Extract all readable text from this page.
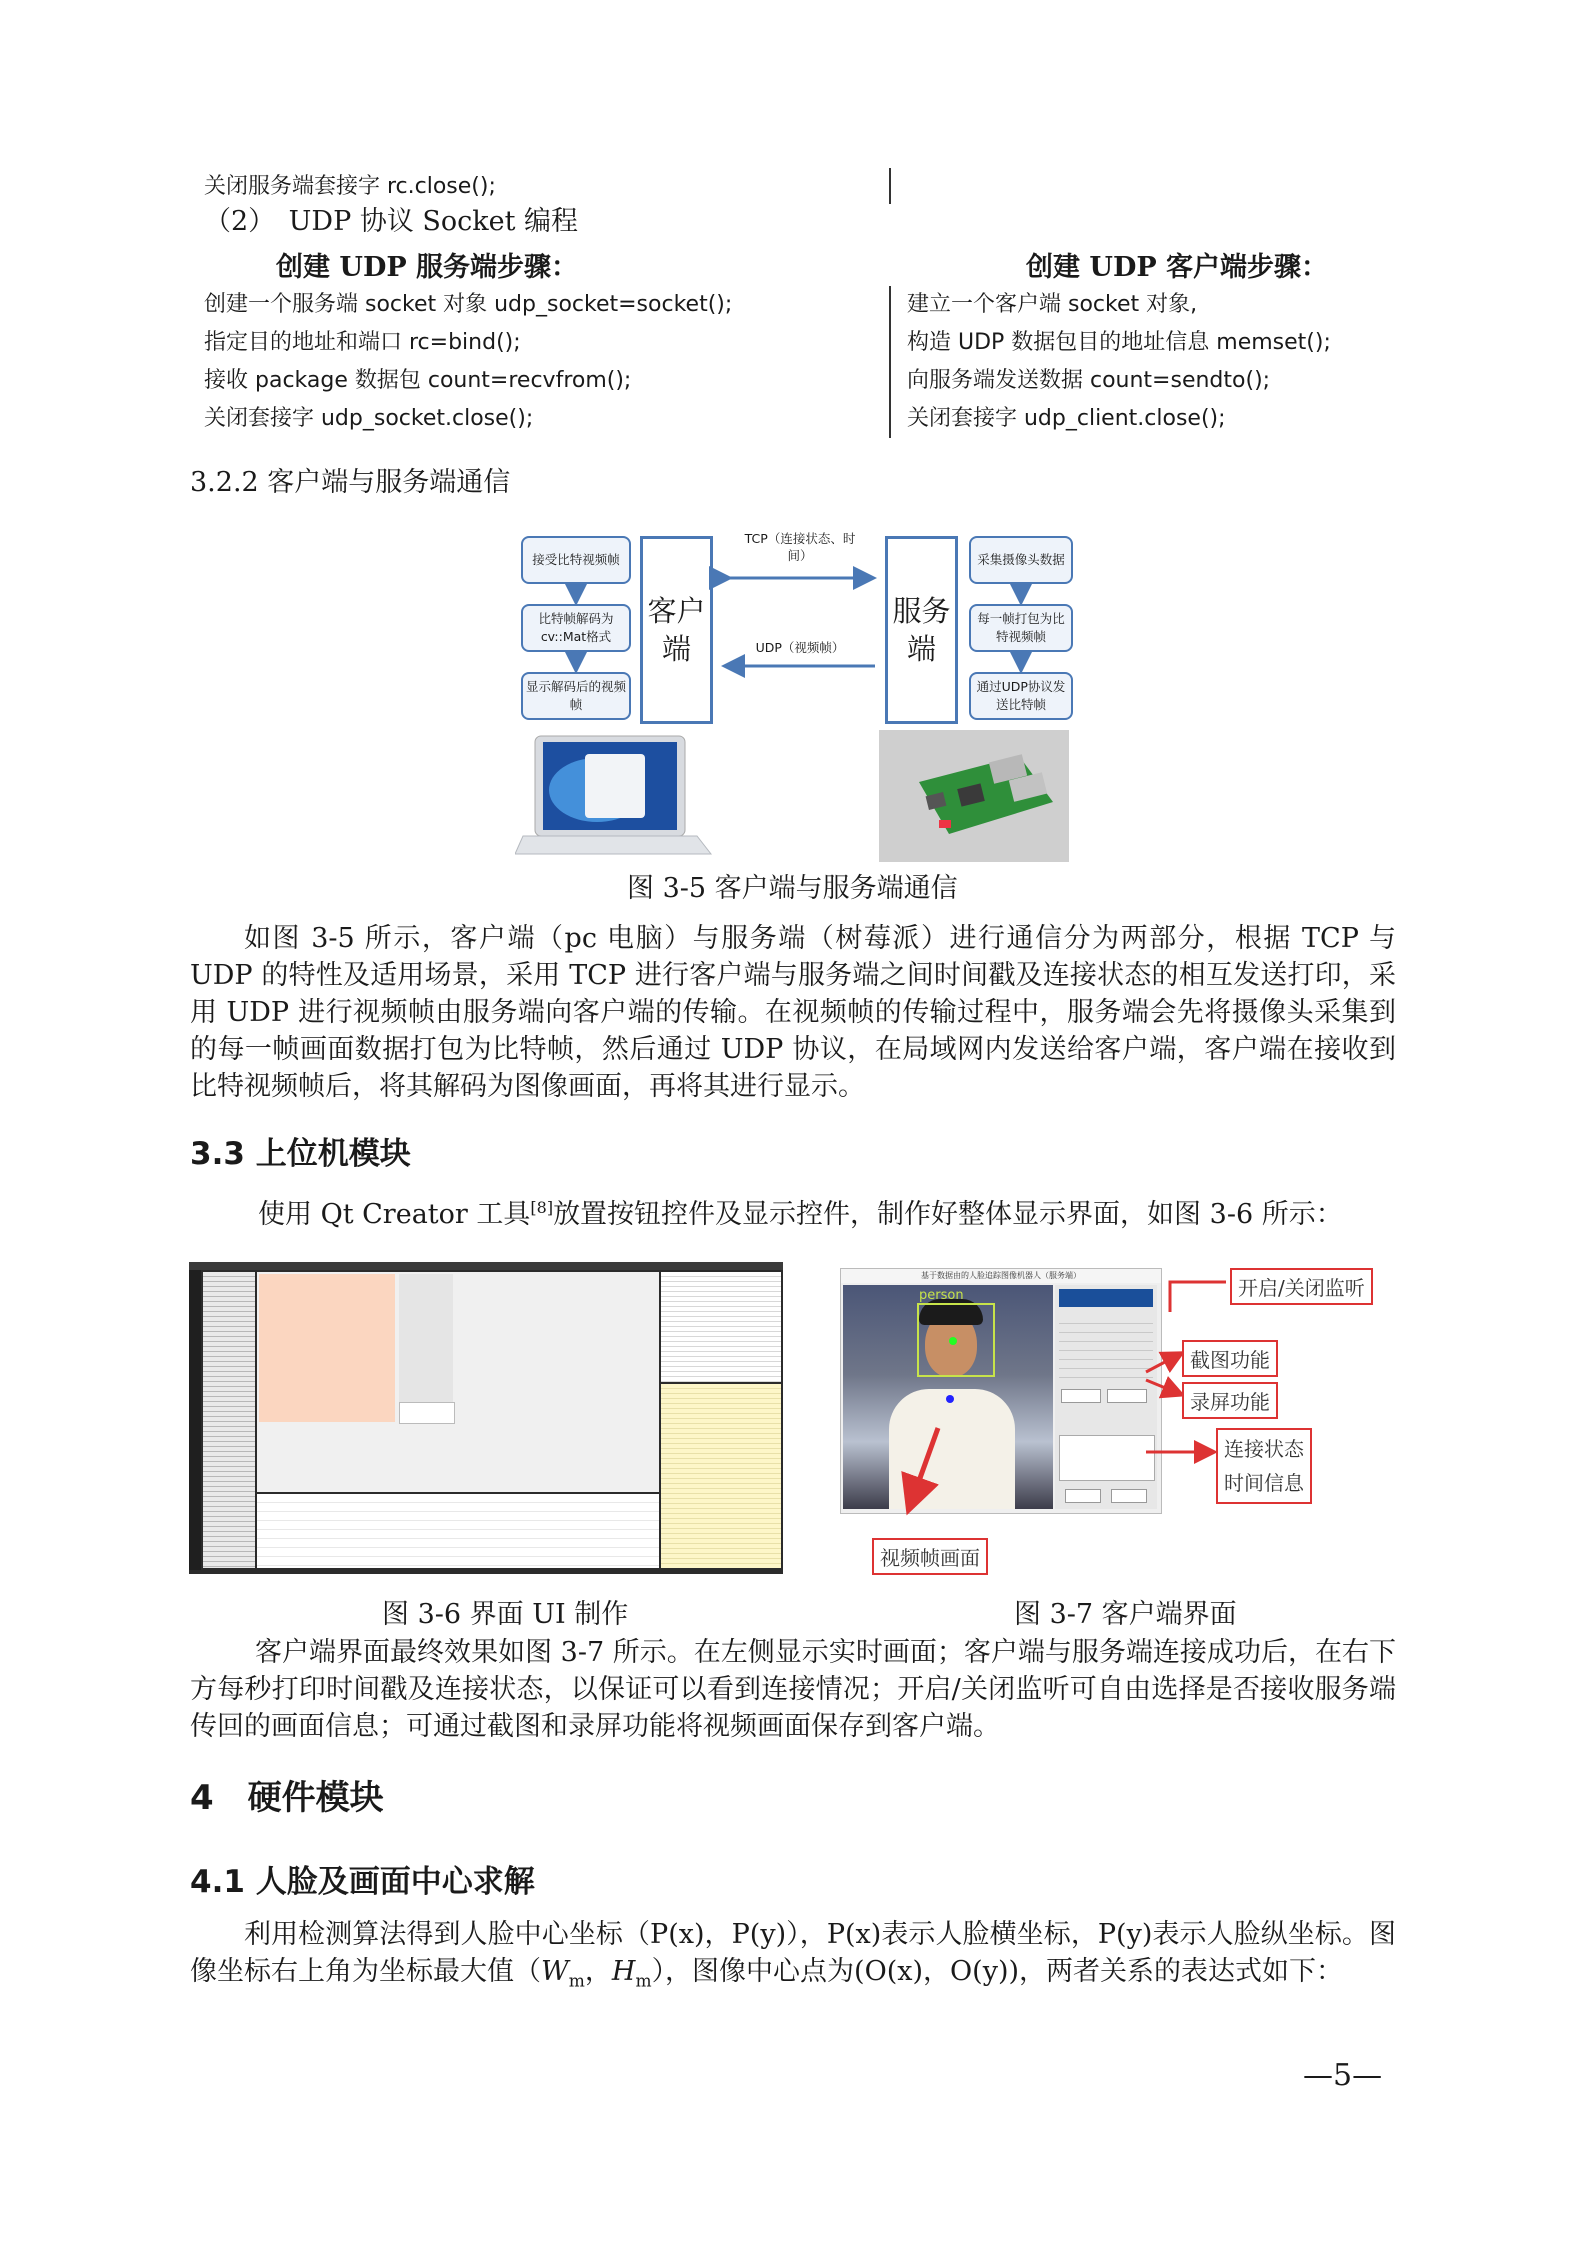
关闭服务端套接字 rc.close();
（2）　UDP 协议 Socket 编程
创建 UDP 服务端步骤：	创建 UDP 客户端步骤：
创建一个服务端 socket 对象 udp_socket=socket();
指定目的地址和端口 rc=bind();
接收 package 数据包 count=recvfrom();
关闭套接字 udp_socket.close();
建立一个客户端 socket 对象,
构造 UDP 数据包目的地址信息 memset();
向服务端发送数据 count=sendto();
关闭套接字 udp_client.close();
3.2.2 客户端与服务端通信
接受比特视频帧
比特帧解码为cv::Mat格式
显示解码后的视频帧
客户端
服务端
采集摄像头数据
每一帧打包为比特视频帧
通过UDP协议发送比特帧
TCP（连接状态、时间）
UDP（视频帧）
图 3-5 客户端与服务端通信
如图 3-5 所示，客户端（pc 电脑）与服务端（树莓派）进行通信分为两部分，根据 TCP 与 UDP 的特性及适用场景，采用 TCP 进行客户端与服务端之间时间戳及连接状态的相互发送打印，采用 UDP 进行视频帧由服务端向客户端的传输。在视频帧的传输过程中，服务端会先将摄像头采集到的每一帧画面数据打包为比特帧，然后通过 UDP 协议，在局域网内发送给客户端，客户端在接收到比特视频帧后，将其解码为图像画面，再将其进行显示。
3.3 上位机模块
使用 Qt Creator 工具[8]放置按钮控件及显示控件，制作好整体显示界面，如图 3-6 所示：
基于数据由的人脸追踪图像机器人（服务端）
person	开启/关闭监听
截图功能
录屏功能
连接状态
时间信息
视频帧画面
图 3-6 界面 UI 制作	图 3-7 客户端界面
客户端界面最终效果如图 3-7 所示。在左侧显示实时画面；客户端与服务端连接成功后，在右下方每秒打印时间戳及连接状态，以保证可以看到连接情况；开启/关闭监听可自由选择是否接收服务端传回的画面信息；可通过截图和录屏功能将视频画面保存到客户端。
4　硬件模块
4.1 人脸及画面中心求解
利用检测算法得到人脸中心坐标（P(x)，P(y)），P(x)表示人脸横坐标，P(y)表示人脸纵坐标。图像坐标右上角为坐标最大值（$W_m$，$H_m$），图像中心点为(O(x)，O(y))，两者关系的表达式如下：
—5—
